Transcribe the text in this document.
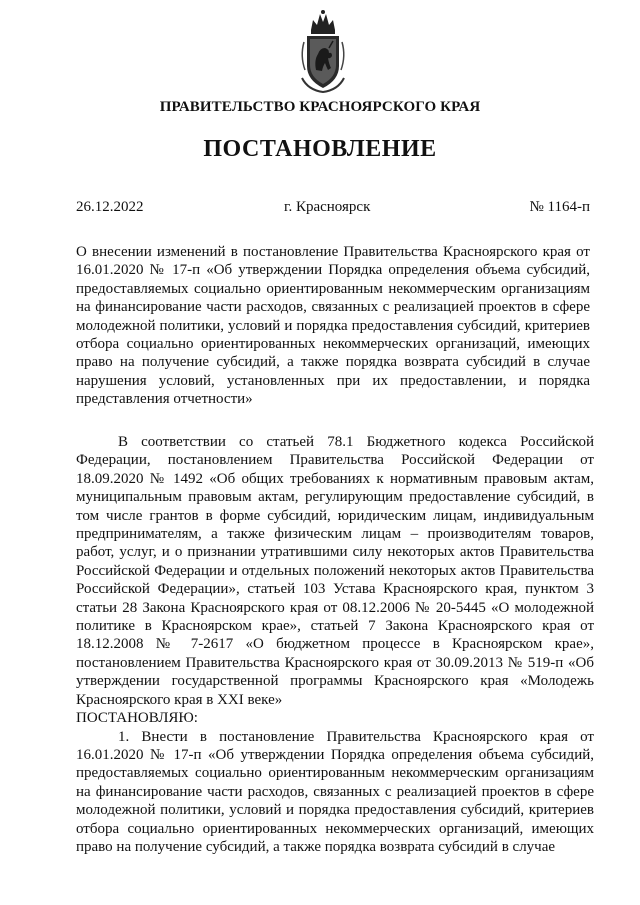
ПРАВИТЕЛЬСТВО КРАСНОЯРСКОГО КРАЯ
ПОСТАНОВЛЕНИЕ
26.12.2022	г. Красноярск	№ 1164-п
О внесении изменений в постановление Правительства Красноярского края от 16.01.2020 № 17-п «Об утверждении Порядка определения объема субсидий, предоставляемых социально ориентированным некоммерческим организациям на финансирование части расходов, связанных с реализацией проектов в сфере молодежной политики, условий и порядка предоставления субсидий, критериев отбора социально ориентированных некоммерческих организаций, имеющих право на получение субсидий, а также порядка возврата субсидий в случае нарушения условий, установленных при их предоставлении, и порядка представления отчетности»

В соответствии со статьей 78.1 Бюджетного кодекса Российской Федерации, постановлением Правительства Российской Федерации от 18.09.2020 № 1492 «Об общих требованиях к нормативным правовым актам, муниципальным правовым актам, регулирующим предоставление субсидий, в том числе грантов в форме субсидий, юридическим лицам, индивидуальным предпринимателям, а также физическим лицам – производителям товаров, работ, услуг, и о признании утратившими силу некоторых актов Правительства Российской Федерации и отдельных положений некоторых актов Правительства Российской Федерации», статьей 103 Устава Красноярского края, пунктом 3 статьи 28 Закона Красноярского края от 08.12.2006 № 20-5445 «О молодежной политике в Красноярском крае», статьей 7 Закона Красноярского края от 18.12.2008 № 7-2617 «О бюджетном процессе в Красноярском крае», постановлением Правительства Красноярского края от 30.09.2013 № 519-п «Об утверждении государственной программы Красноярского края «Молодежь Красноярского края в XXI веке»

ПОСТАНОВЛЯЮ:

1. Внести в постановление Правительства Красноярского края от 16.01.2020 № 17-п «Об утверждении Порядка определения объема субсидий, предоставляемых социально ориентированным некоммерческим организациям на финансирование части расходов, связанных с реализацией проектов в сфере молодежной политики, условий и порядка предоставления субсидий, критериев отбора социально ориентированных некоммерческих организаций, имеющих право на получение субсидий, а также порядка возврата субсидий в случае
